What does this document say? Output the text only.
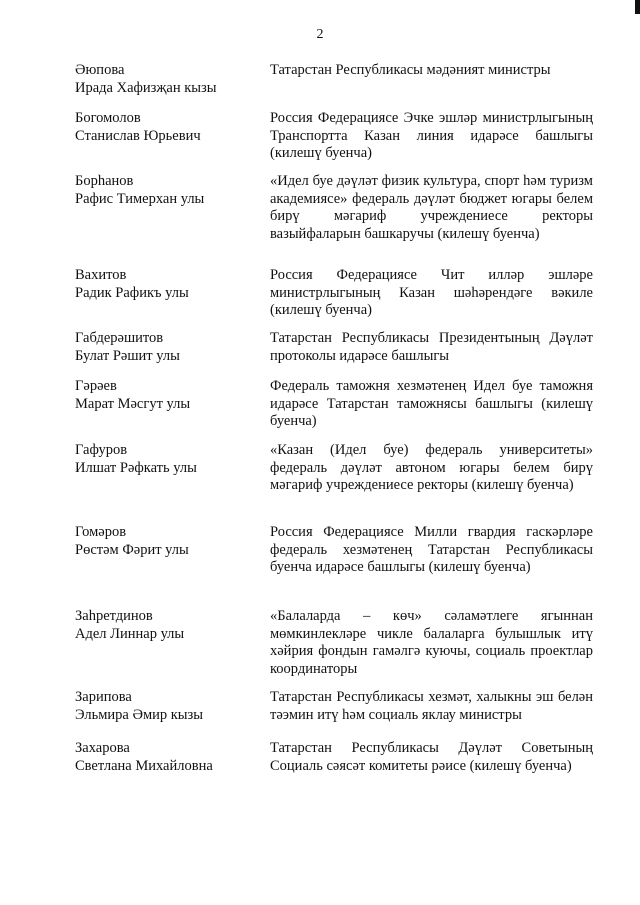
2
Әюпова
Ирада Хафизҗан кызы
Татарстан Республикасы мәдәният министры
Богомолов
Станислав Юрьевич
Россия Федерациясе Эчке эшләр министрлыгының Транспортта Казан линия идарәсе башлыгы (килешү буенча)
Борһанов
Рафис Тимерхан улы
«Идел буе дәүләт физик культура, спорт һәм туризм академиясе» федераль дәүләт бюджет югары белем бирү мәгариф учреждениесе ректоры вазыйфаларын башкаручы (килешү буенча)
Вахитов
Радик Рафикъ улы
Россия Федерациясе Чит илләр эшләре министрлыгының Казан шәһәрендәге вәкиле (килешү буенча)
Габдерәшитов
Булат Рәшит улы
Татарстан Республикасы Президентының Дәүләт протоколы идарәсе башлыгы
Гәрәев
Марат Мәсгут улы
Федераль таможня хезмәтенең Идел буе таможня идарәсе Татарстан таможнясы башлыгы (килешү буенча)
Гафуров
Илшат Рәфкать улы
«Казан (Идел буе) федераль университеты» федераль дәүләт автоном югары белем бирү мәгариф учреждениесе ректоры (килешү буенча)
Гомәров
Рөстәм Фәрит улы
Россия Федерациясе Милли гвардия гаскәрләре федераль хезмәтенең Татарстан Республикасы буенча идарәсе башлыгы (килешү буенча)
Заһретдинов
Адел Линнар улы
«Балаларда – көч» сәламәтлеге ягыннан мөмкинлекләре чикле балаларга булышлык итү хәйрия фондын гамәлгә куючы, социаль проектлар координаторы
Зарипова
Эльмира Әмир кызы
Татарстан Республикасы хезмәт, халыкны эш белән тәэмин итү һәм социаль яклау министры
Захарова
Светлана Михайловна
Татарстан Республикасы Дәүләт Советының Социаль сәясәт комитеты рәисе (килешү буенча)
